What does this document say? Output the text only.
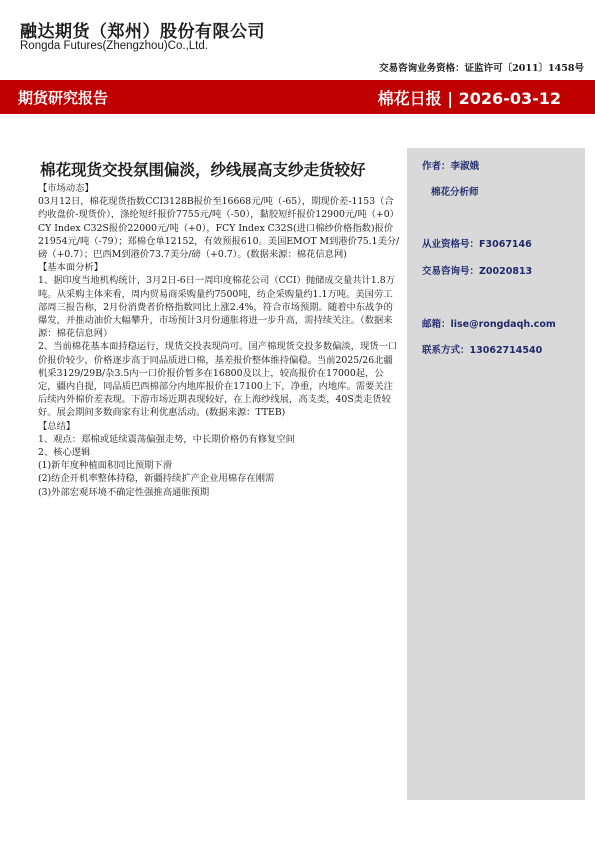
融达期货（郑州）股份有限公司
Rongda Futures(Zhengzhou)Co.,Ltd.
交易咨询业务资格：证监许可〔2011〕1458号
期货研究报告	棉花日报 | 2026-03-12
作者：李淑娥
棉花分析师
从业资格号：F3067146
交易咨询号：Z0020813
邮箱：lise@rongdaqh.com
联系方式：13062714540
棉花现货交投氛围偏淡，纱线展高支纱走货较好

【市场动态】

03月12日，棉花现货指数CCI3128B报价至16668元/吨（-65），期现价差-1153（合约收盘价-现货价），涤纶短纤报价7755元/吨（-50），黏胶短纤报价12900元/吨（+0）CY Index C32S报价22000元/吨（+0），FCY Index C32S(进口棉纱价格指数)报价21954元/吨（-79）；郑棉仓单12152，有效预报610。美国EMOT M到港价75.1美分/磅（+0.7）；巴西M到港价73.7美分/磅（+0.7）。(数据来源：棉花信息网)

【基本面分析】

1、据印度当地机构统计，3月2日-6日一周印度棉花公司（CCI）抛储成交量共计1.8万吨。从采购主体来看，周内贸易商采购量约7500吨，纺企采购量约1.1万吨。美国劳工部周三报告称，2月份消费者价格指数同比上涨2.4%，符合市场预期。随着中东战争的爆发，并推动油价大幅攀升，市场预计3月份通胀将进一步升高，需持续关注。（数据来源：棉花信息网）

2、当前棉花基本面持稳运行，现货交投表现尚可。国产棉现货交投多数偏淡，现货一口价报价较少，价格逐步高于同品质进口棉，基差报价整体维持偏稳。当前2025/26北疆机采3129/29B/杂3.5内一口价报价暂多在16800及以上，较高报价在17000起，公定，疆内自提，同品质巴西棉部分内地库报价在17100上下，净重，内地库。需要关注后续内外棉价差表现。下游市场近期表现较好，在上海纱线展，高支类，40S类走货较好。展会期间多数商家有让利优惠活动。(数据来源：TTEB)

【总结】

1、观点：郑棉或延续震荡偏强走势，中长期价格仍有修复空间

2、核心逻辑

(1)新年度种植面积同比预期下滑

(2)纺企开机率整体持稳，新疆持续扩产企业用棉存在刚需

(3)外部宏观环境不确定性强推高通胀预期
